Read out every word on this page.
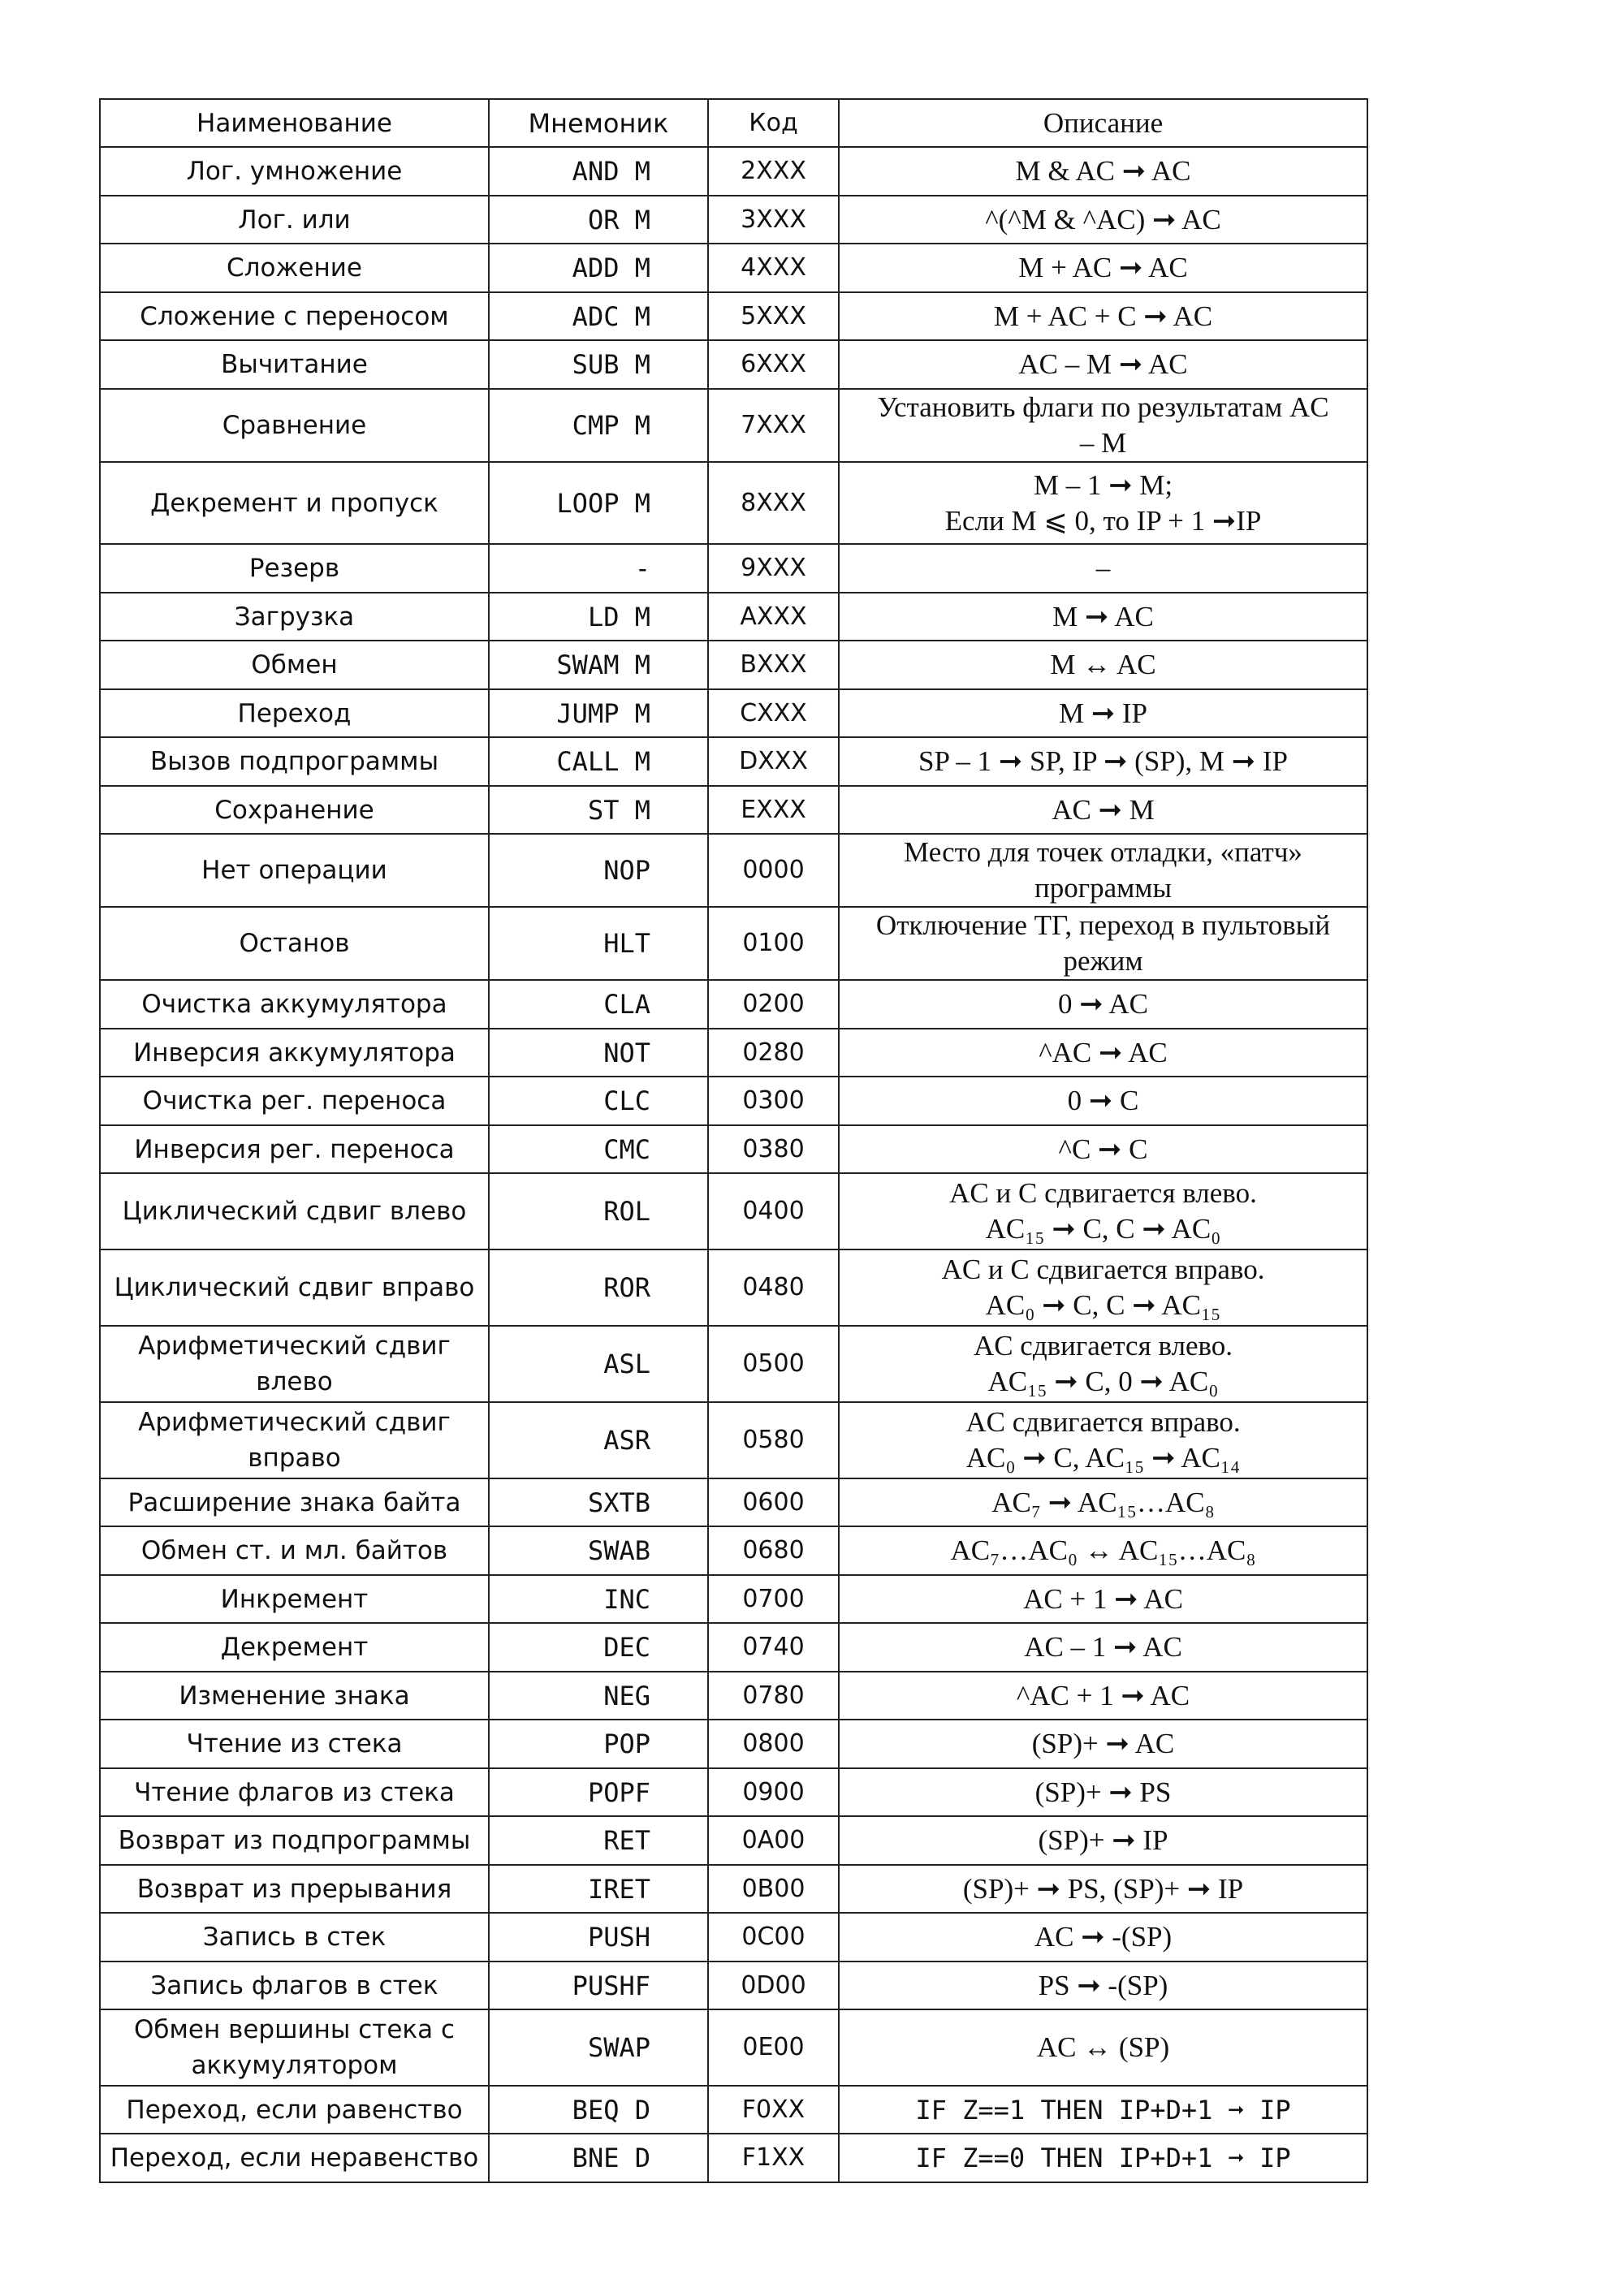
Наименование	Мнемоник	Код	Описание
Лог. умножение	AND M	2XXX	M & AC ➞ AC

Лог. или	OR M	3XXX	^(^M & ^AC) ➞ AC

Сложение	ADD M	4XXX	M + AC ➞ AC

Сложение с переносом	ADC M	5XXX	M + AC + C ➞ AC

Вычитание	SUB M	6XXX	AC – M ➞ AC

Сравнение	CMP M	7XXX	Установить флаги по результатам AC
– M

Декремент и пропуск	LOOP M	8XXX	M – 1 ➞ M;
Если M ⩽ 0, то IP + 1 ➞IP

Резерв	-	9XXX	–

Загрузка	LD M	AXXX	M ➞ AC

Обмен	SWAM M	BXXX	M ↔ AC

Переход	JUMP M	CXXX	M ➞ IP

Вызов подпрограммы	CALL M	DXXX	SP – 1 ➞ SP, IP ➞ (SP), M ➞ IP

Сохранение	ST M	EXXX	AC ➞ M

Нет операции	NOP	0000	Место для точек отладки, «патч»
программы

Останов	HLT	0100	Отключение ТГ, переход в пультовый
режим

Очистка аккумулятора	CLA	0200	0 ➞ AC

Инверсия аккумулятора	NOT	0280	^AC ➞ AC

Очистка рег. переноса	CLC	0300	0 ➞ C

Инверсия рег. переноса	CMC	0380	^C ➞ C

Циклический сдвиг влево	ROL	0400	AC и C сдвигается влево.
AC₁₅ ➞ C, C ➞ AC₀

Циклический сдвиг вправо	ROR	0480	AC и C сдвигается вправо.
AC₀ ➞ C, C ➞ AC₁₅

Арифметический сдвиг влево	ASL	0500	AC сдвигается влево.
AC₁₅ ➞ C, 0 ➞ AC₀

Арифметический сдвиг вправо	ASR	0580	AC сдвигается вправо.
AC₀ ➞ C, AC₁₅ ➞ AC₁₄

Расширение знака байта	SXTB	0600	AC₇ ➞ AC₁₅…AC₈

Обмен ст. и мл. байтов	SWAB	0680	AC₇…AC₀ ↔ AC₁₅…AC₈

Инкремент	INC	0700	AC + 1 ➞ AC

Декремент	DEC	0740	AC – 1 ➞ AC

Изменение знака	NEG	0780	^AC + 1 ➞ AC

Чтение из стека	POP	0800	(SP)+ ➞ AC

Чтение флагов из стека	POPF	0900	(SP)+ ➞ PS

Возврат из подпрограммы	RET	0A00	(SP)+ ➞ IP

Возврат из прерывания	IRET	0B00	(SP)+ ➞ PS, (SP)+ ➞ IP

Запись в стек	PUSH	0C00	AC ➞ -(SP)

Запись флагов в стек	PUSHF	0D00	PS ➞ -(SP)

Обмен вершины стека с аккумулятором	SWAP	0E00	AC ↔ (SP)

Переход, если равенство	BEQ D	F0XX	IF Z==1 THEN IP+D+1 ➞ IP

Переход, если неравенство	BNE D	F1XX	IF Z==0 THEN IP+D+1 ➞ IP
